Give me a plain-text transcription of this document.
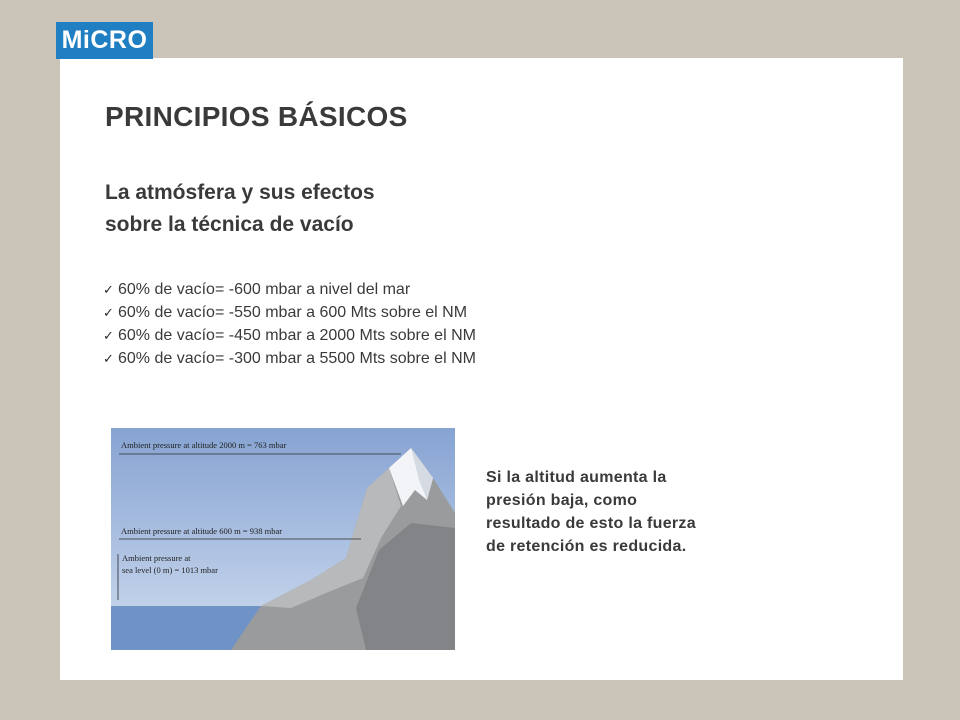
MiCRO
PRINCIPIOS BÁSICOS
La atmósfera y sus efectos
sobre la técnica de vacío
✓ 60% de vacío= -600 mbar a nivel del mar
✓ 60% de vacío= -550 mbar a 600 Mts sobre el NM
✓ 60% de vacío= -450 mbar a 2000 Mts sobre el NM
✓ 60% de vacío= -300 mbar a 5500 Mts sobre el NM
Ambient pressure at altitude 2000 m = 763 mbar
Ambient pressure at altitude 600 m = 938 mbar
Ambient pressure at
sea level (0 m) = 1013 mbar
Si la altitud aumenta la
presión baja, como
resultado de esto la fuerza
de retención es reducida.
